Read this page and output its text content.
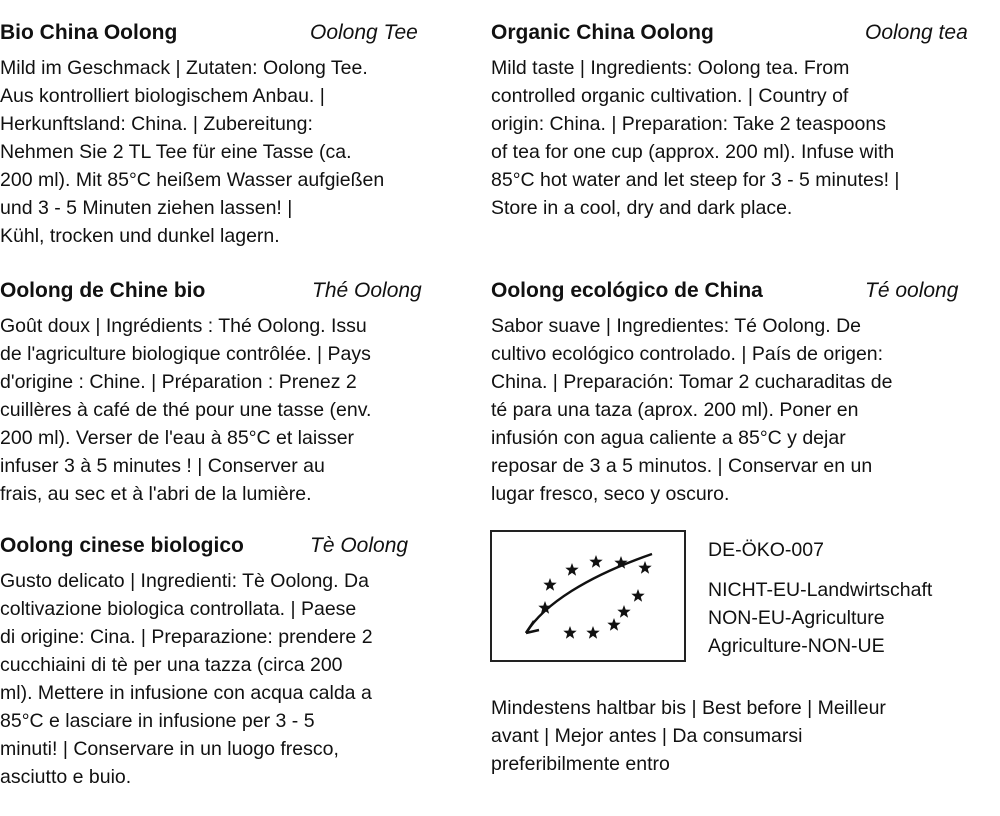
Bio China Oolong	Oolong Tee
Mild im Geschmack | Zutaten: Oolong Tee.
Aus kontrolliert biologischem Anbau. |
Herkunftsland: China. | Zubereitung:
Nehmen Sie 2 TL Tee für eine Tasse (ca.
200 ml). Mit 85°C heißem Wasser aufgießen
und 3 - 5 Minuten ziehen lassen! |
Kühl, trocken und dunkel lagern.
Organic China Oolong	Oolong tea
Mild taste | Ingredients: Oolong tea. From
controlled organic cultivation. | Country of
origin: China. | Preparation: Take 2 teaspoons
of tea for one cup (approx. 200 ml). Infuse with
85°C hot water and let steep for 3 - 5 minutes! |
Store in a cool, dry and dark place.
Oolong de Chine bio	Thé Oolong
Goût doux | Ingrédients : Thé Oolong. Issu
de l'agriculture biologique contrôlée. | Pays
d'origine : Chine. | Préparation : Prenez 2
cuillères à café de thé pour une tasse (env.
200 ml). Verser de l'eau à 85°C et laisser
infuser 3 à 5 minutes ! | Conserver au
frais, au sec et à l'abri de la lumière.
Oolong ecológico de China	Té oolong
Sabor suave | Ingredientes: Té Oolong. De
cultivo ecológico controlado. | País de origen:
China. | Preparación: Tomar 2 cucharaditas de
té para una taza (aprox. 200 ml). Poner en
infusión con agua caliente a 85°C y dejar
reposar de 3 a 5 minutos. | Conservar en un
lugar fresco, seco y oscuro.
Oolong cinese biologico	Tè Oolong
Gusto delicato | Ingredienti: Tè Oolong. Da
coltivazione biologica controllata. | Paese
di origine: Cina. | Preparazione: prendere 2
cucchiaini di tè per una tazza (circa 200
ml). Mettere in infusione con acqua calda a
85°C e lasciare in infusione per 3 - 5
minuti! | Conservare in un luogo fresco,
asciutto e buio.
DE-ÖKO-007
NICHT-EU-Landwirtschaft
NON-EU-Agriculture
Agriculture-NON-UE
Mindestens haltbar bis | Best before | Meilleur
avant | Mejor antes | Da consumarsi
preferibilmente entro
